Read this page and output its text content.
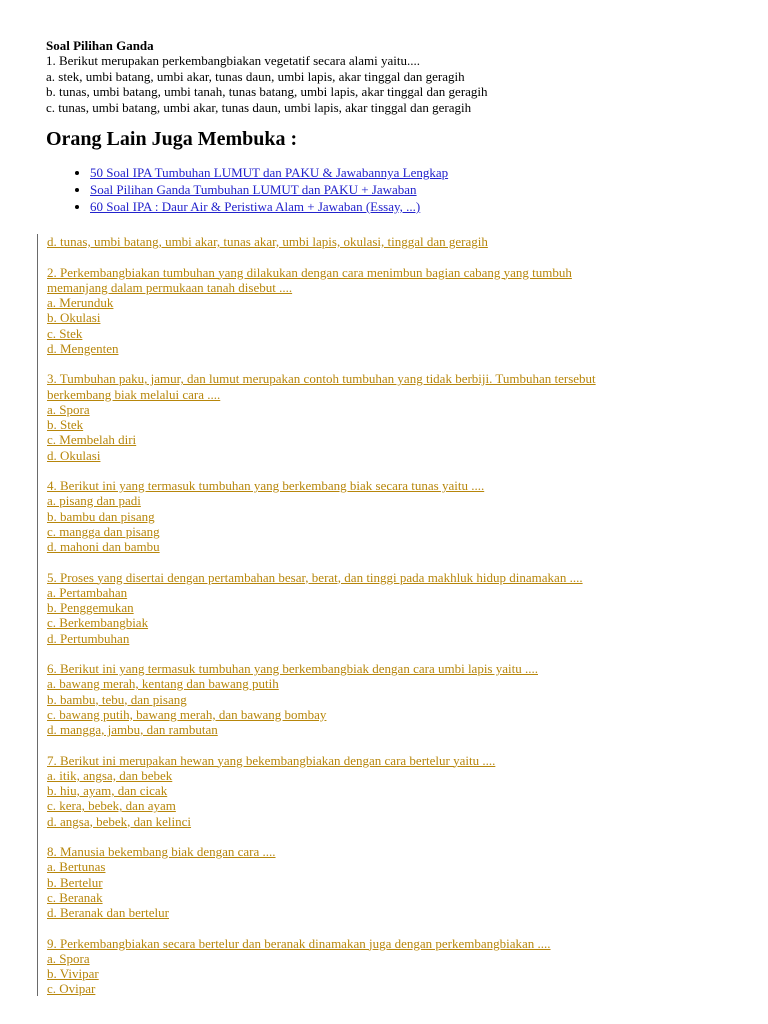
Soal Pilihan Ganda
1. Berikut merupakan perkembangbiakan vegetatif secara alami yaitu....
a. stek, umbi batang, umbi akar, tunas daun, umbi lapis, akar tinggal dan geragih
b. tunas, umbi batang, umbi tanah, tunas batang, umbi lapis, akar tinggal dan geragih
c. tunas, umbi batang, umbi akar, tunas daun, umbi lapis, akar tinggal dan geragih
Orang Lain Juga Membuka :
• 50 Soal IPA Tumbuhan LUMUT dan PAKU & Jawabannya Lengkap
• Soal Pilihan Ganda Tumbuhan LUMUT dan PAKU + Jawaban
• 60 Soal IPA : Daur Air & Peristiwa Alam + Jawaban (Essay, ...)
d. tunas, umbi batang, umbi akar, tunas akar, umbi lapis, okulasi, tinggal dan geragih
2. Perkembangbiakan tumbuhan yang dilakukan dengan cara menimbun bagian cabang yang tumbuh
memanjang dalam permukaan tanah disebut ....
a. Merunduk
b. Okulasi
c. Stek
d. Mengenten
3. Tumbuhan paku, jamur, dan lumut merupakan contoh tumbuhan yang tidak berbiji. Tumbuhan tersebut
berkembang biak melalui cara ....
a. Spora
b. Stek
c. Membelah diri
d. Okulasi
4. Berikut ini yang termasuk tumbuhan yang berkembang biak secara tunas yaitu ....
a. pisang dan padi
b. bambu dan pisang
c. mangga dan pisang
d. mahoni dan bambu
5. Proses yang disertai dengan pertambahan besar, berat, dan tinggi pada makhluk hidup dinamakan ....
a. Pertambahan
b. Penggemukan
c. Berkembangbiak
d. Pertumbuhan
6. Berikut ini yang termasuk tumbuhan yang berkembangbiak dengan cara umbi lapis yaitu ....
a. bawang merah, kentang dan bawang putih
b. bambu, tebu, dan pisang
c. bawang putih, bawang merah, dan bawang bombay
d. mangga, jambu, dan rambutan
7. Berikut ini merupakan hewan yang bekembangbiakan dengan cara bertelur yaitu ....
a. itik, angsa, dan bebek
b. hiu, ayam, dan cicak
c. kera, bebek, dan ayam
d. angsa, bebek, dan kelinci
8. Manusia bekembang biak dengan cara ....
a. Bertunas
b. Bertelur
c. Beranak
d. Beranak dan bertelur
9. Perkembangbiakan secara bertelur dan beranak dinamakan juga dengan perkembangbiakan ....
a. Spora
b. Vivipar
c. Ovipar
